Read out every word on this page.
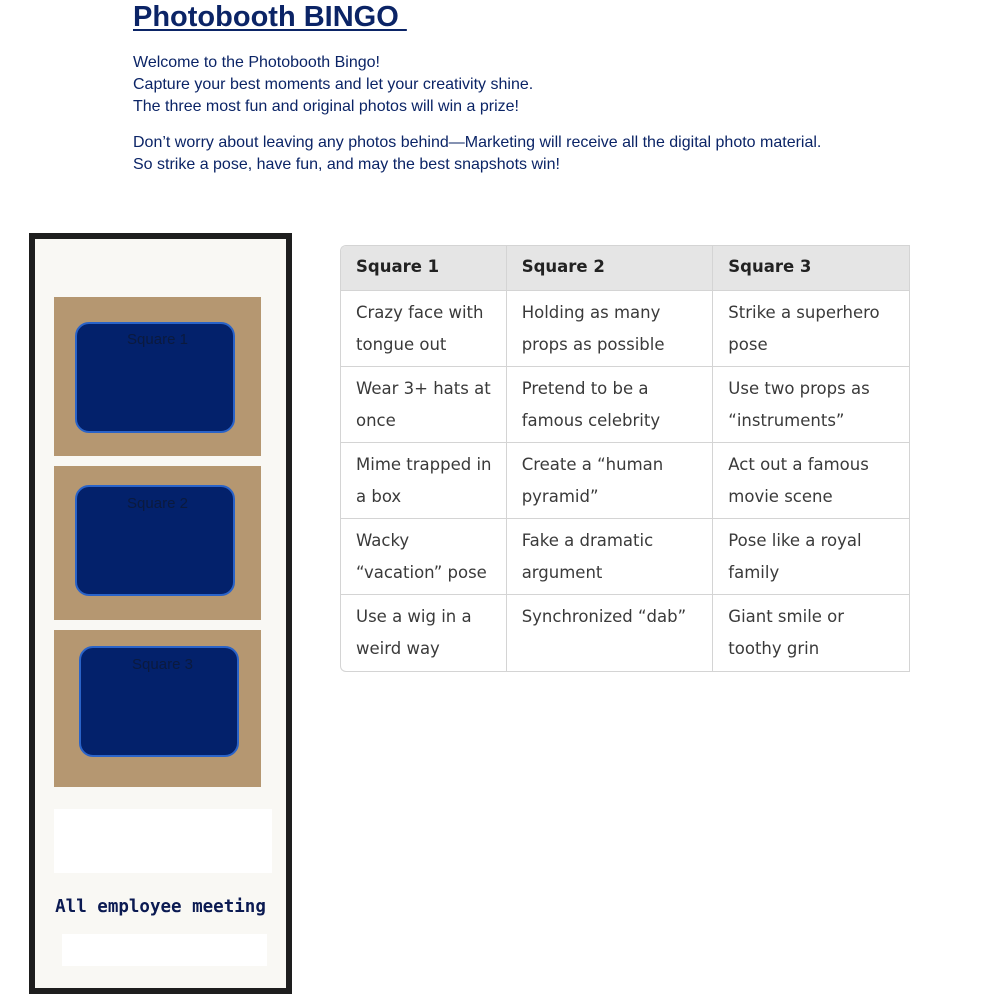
Photobooth BINGO
Welcome to the Photobooth Bingo!
Capture your best moments and let your creativity shine.
The three most fun and original photos will win a prize!
Don’t worry about leaving any photos behind—Marketing will receive all the digital photo material.
So strike a pose, have fun, and may the best snapshots win!
Square 1
Square 2
Square 3
All employee meeting
Square 1	Square 2	Square 3
Crazy face with tongue out	Holding as many props as possible	Strike a superhero pose
Wear 3+ hats at once	Pretend to be a famous celebrity	Use two props as “instruments”
Mime trapped in a box	Create a “human pyramid”	Act out a famous movie scene
Wacky “vacation” pose	Fake a dramatic argument	Pose like a royal family
Use a wig in a weird way	Synchronized “dab”	Giant smile or toothy grin
